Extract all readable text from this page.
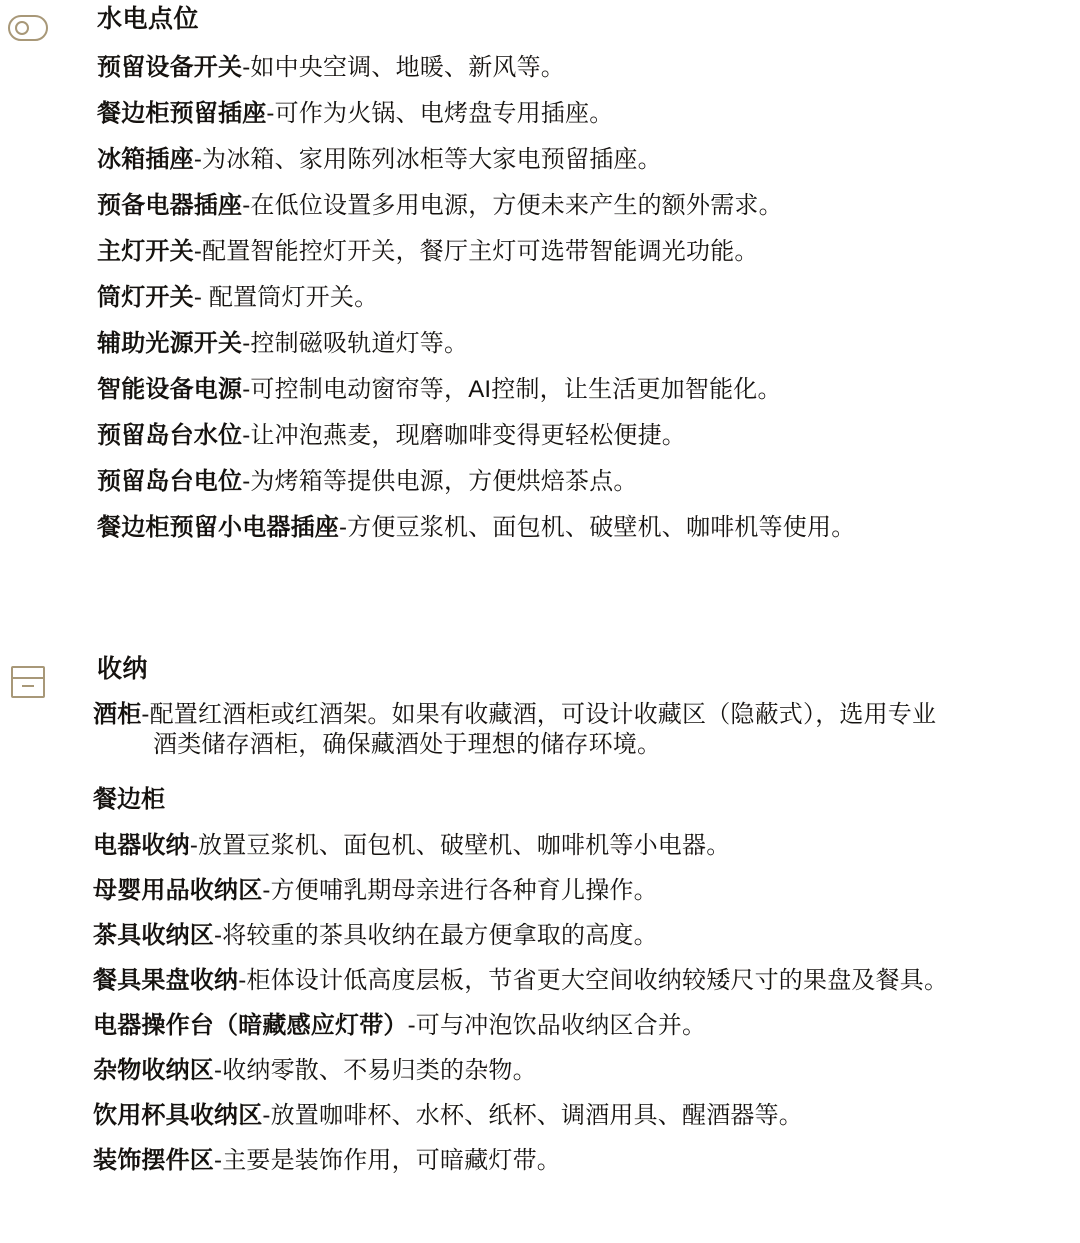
水电点位
预留设备开关-如中央空调、地暖、新风等。
餐边柜预留插座-可作为火锅、电烤盘专用插座。
冰箱插座-为冰箱、家用陈列冰柜等大家电预留插座。
预备电器插座-在低位设置多用电源，方便未来产生的额外需求。
主灯开关-配置智能控灯开关，餐厅主灯可选带智能调光功能。
筒灯开关- 配置筒灯开关。
辅助光源开关-控制磁吸轨道灯等。
智能设备电源-可控制电动窗帘等，AI控制，让生活更加智能化。
预留岛台水位-让冲泡燕麦，现磨咖啡变得更轻松便捷。
预留岛台电位-为烤箱等提供电源，方便烘焙茶点。
餐边柜预留小电器插座-方便豆浆机、面包机、破壁机、咖啡机等使用。
收纳
酒柜-配置红酒柜或红酒架。如果有收藏酒，可设计收藏区（隐蔽式），选用专业
酒类储存酒柜，确保藏酒处于理想的储存环境。
餐边柜
电器收纳-放置豆浆机、面包机、破壁机、咖啡机等小电器。
母婴用品收纳区-方便哺乳期母亲进行各种育儿操作。
茶具收纳区-将较重的茶具收纳在最方便拿取的高度。
餐具果盘收纳-柜体设计低高度层板，节省更大空间收纳较矮尺寸的果盘及餐具。
电器操作台（暗藏感应灯带）-可与冲泡饮品收纳区合并。
杂物收纳区-收纳零散、不易归类的杂物。
饮用杯具收纳区-放置咖啡杯、水杯、纸杯、调酒用具、醒酒器等。
装饰摆件区-主要是装饰作用，可暗藏灯带。
